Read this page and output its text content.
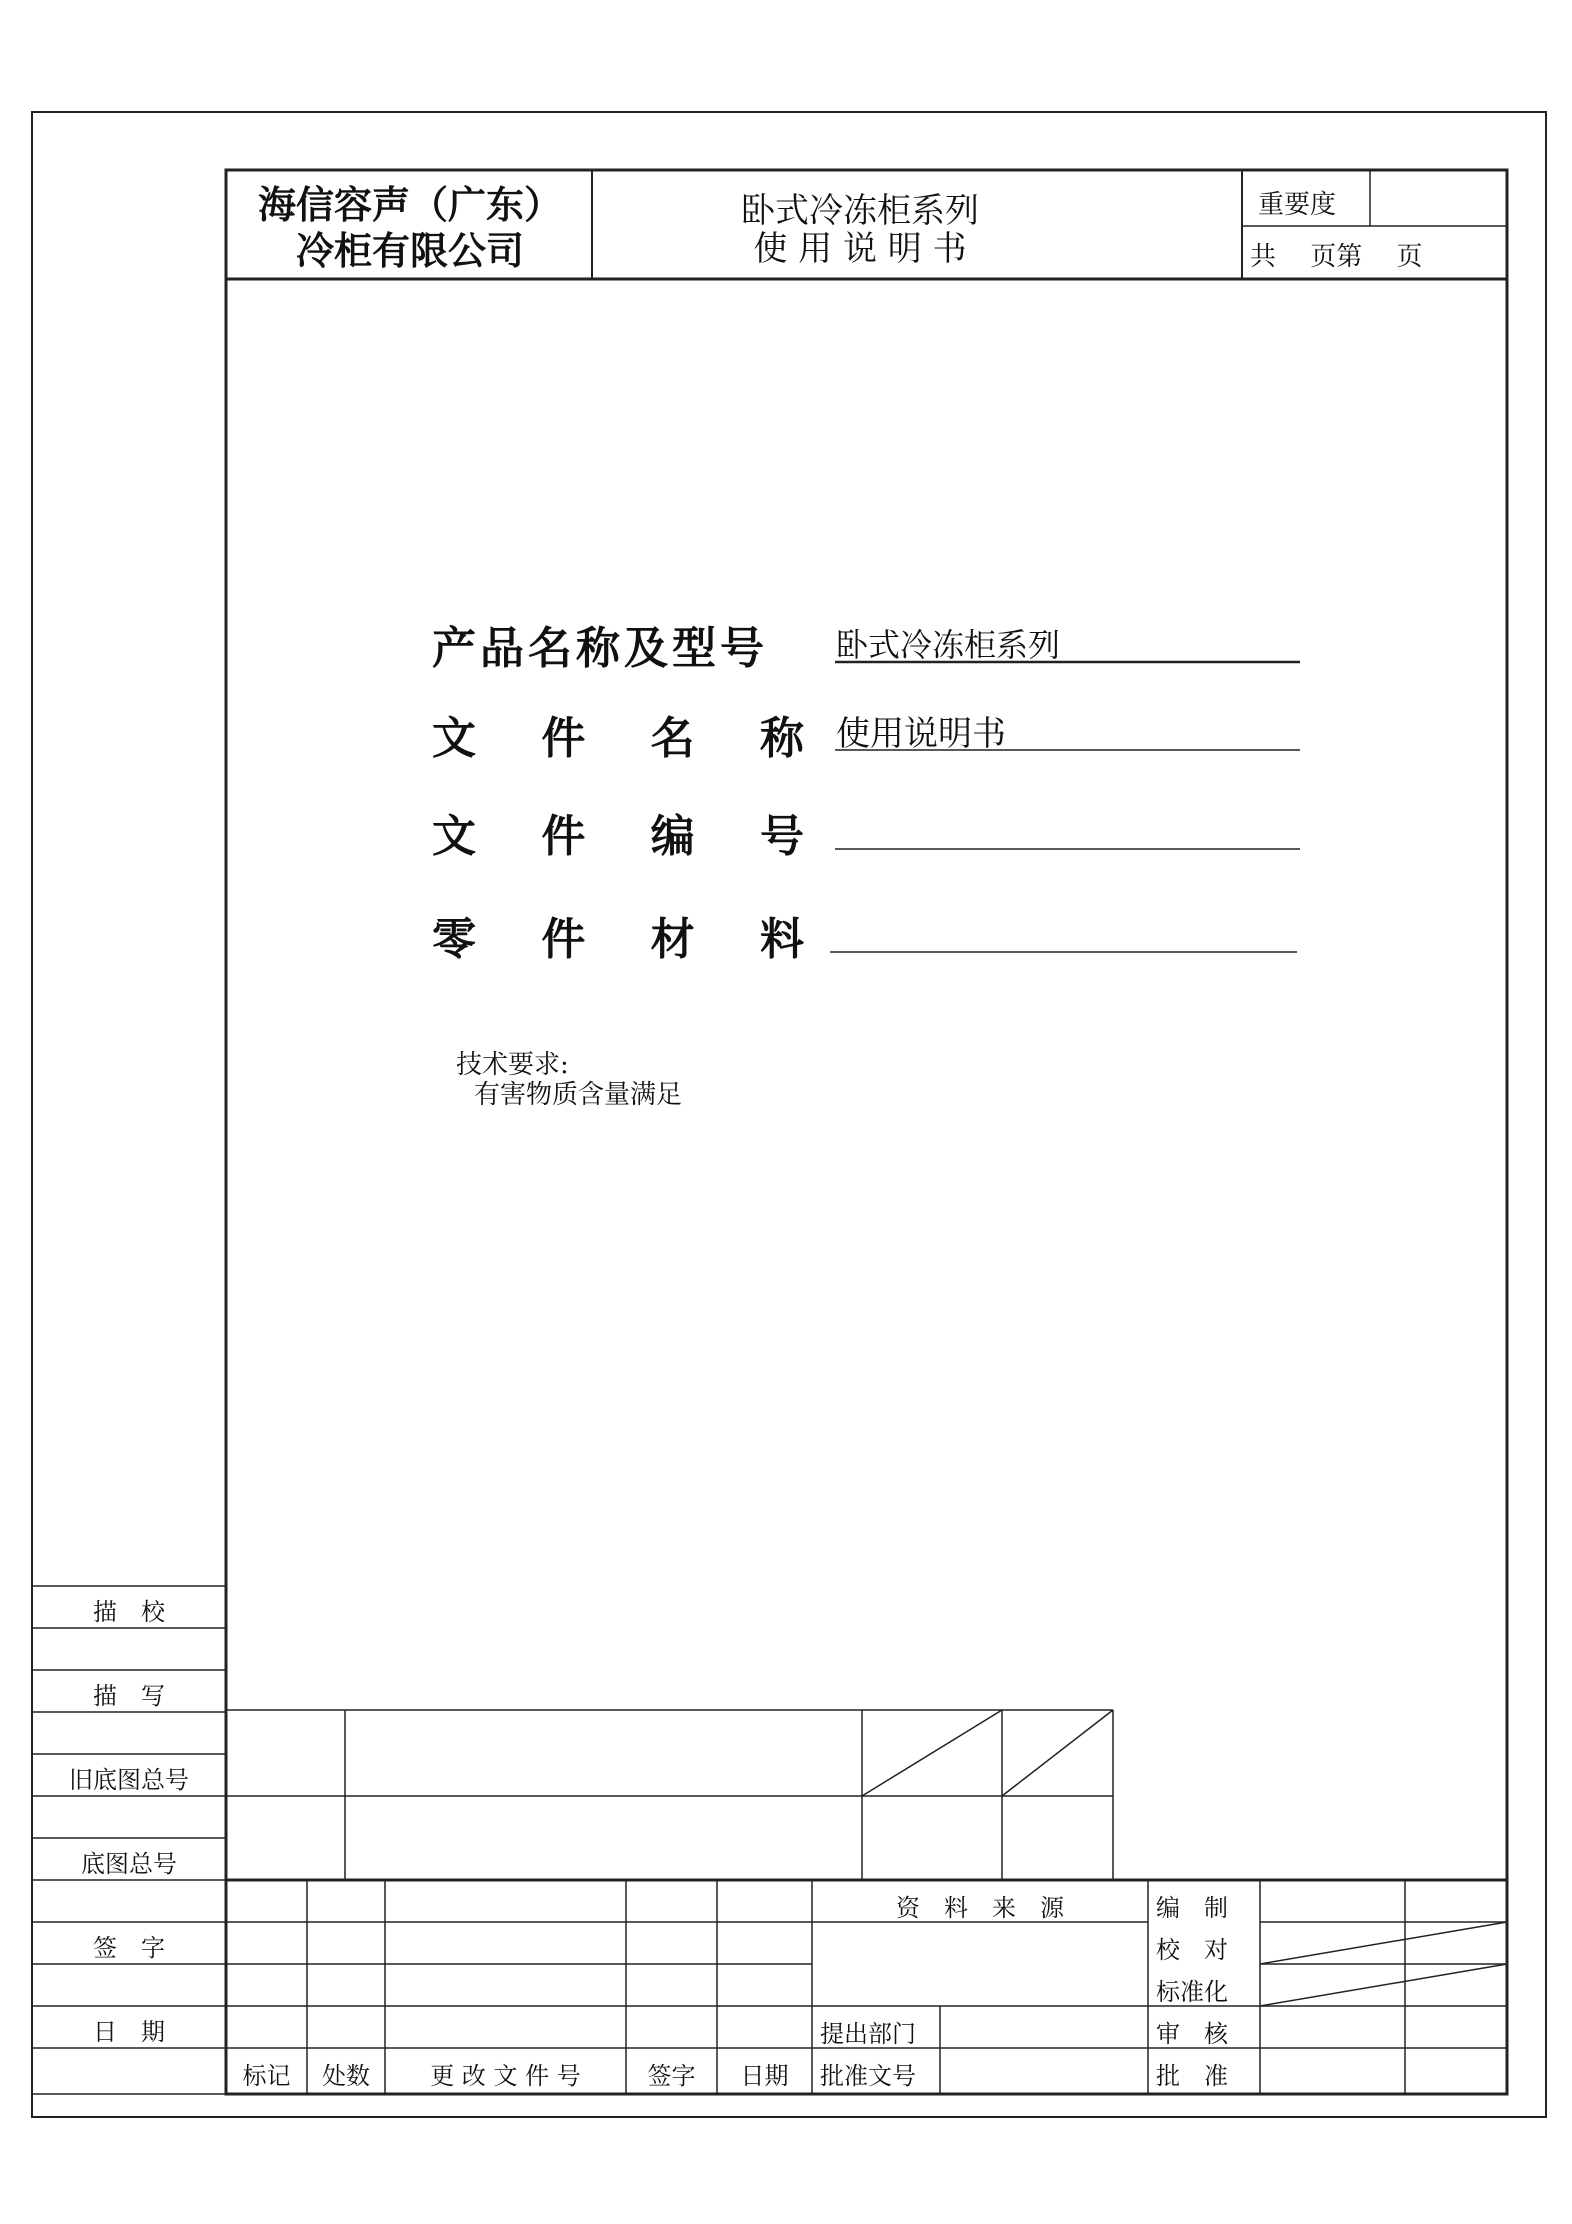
海信容声（广东）
冷柜有限公司
卧式冷冻柜系列
使 用 说 明 书
重要度
共　 页第　 页
产品名称及型号	卧式冷冻柜系列
文 件 名 称 使用说明书
文 件 编 号
零 件 材 料
技术要求:
有害物质含量满足
描　校
描　写
旧底图总号
底图总号
签　字
日　期
标记	处数	更 改 文 件 号	签字	日期
资　料　来　源
提出部门
批准文号
编　制
校　对
标准化
审　核
批　准
